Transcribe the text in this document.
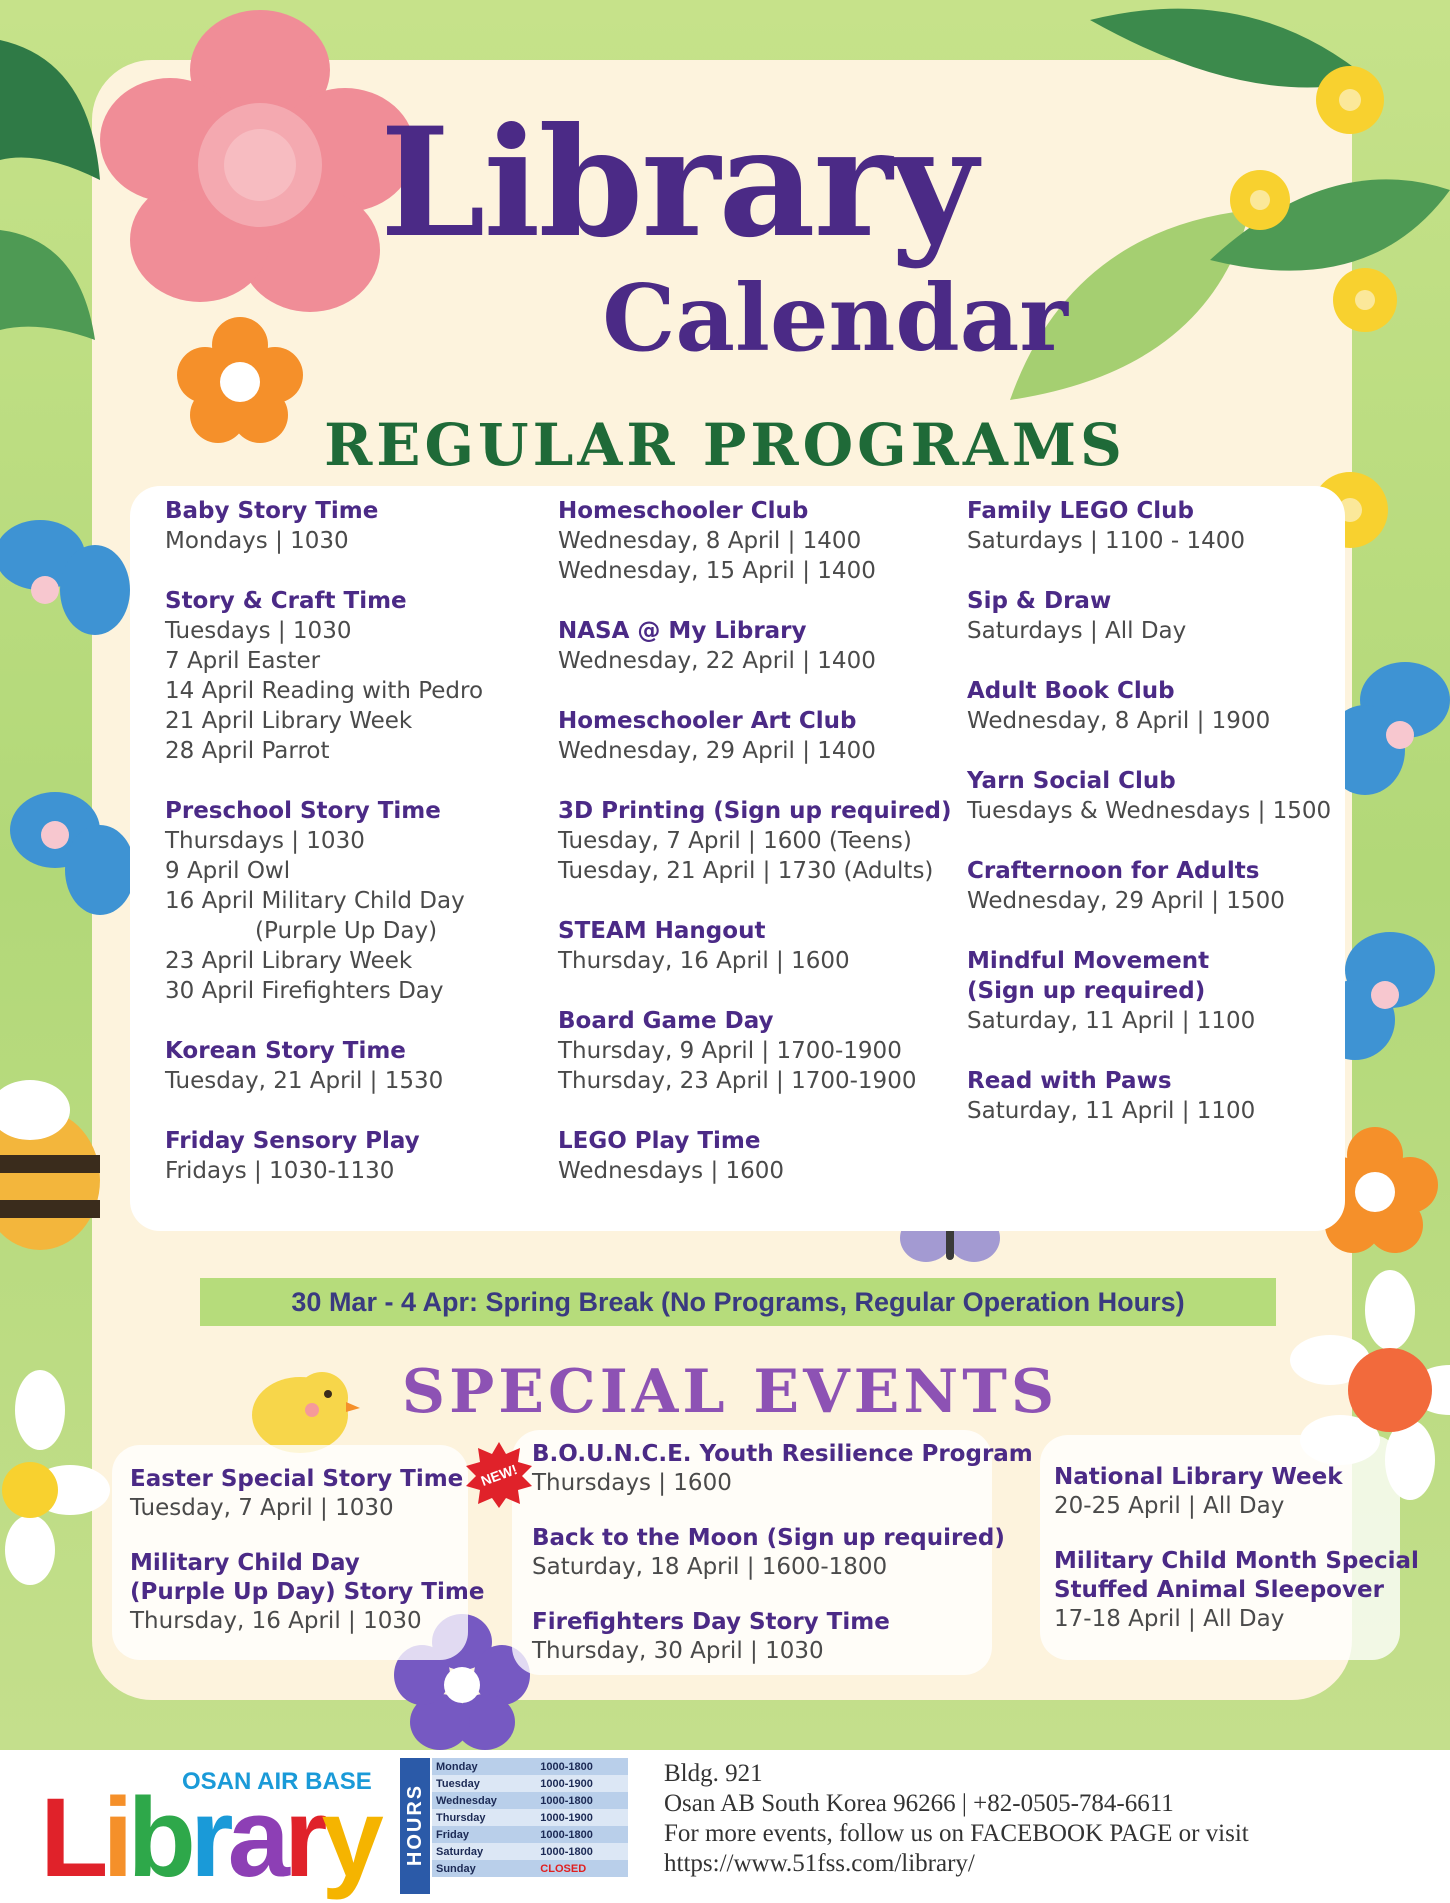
Library
Calendar
REGULAR PROGRAMS
Baby Story Time
Mondays | 1030
Story & Craft Time
Tuesdays | 1030
7 April Easter
14 April Reading with Pedro
21 April Library Week
28 April Parrot
Preschool Story Time
Thursdays | 1030
9 April Owl
16 April Military Child Day
(Purple Up Day)
23 April Library Week
30 April Firefighters Day
Korean Story Time
Tuesday, 21 April | 1530
Friday Sensory Play
Fridays | 1030-1130
Homeschooler Club
Wednesday, 8 April | 1400
Wednesday, 15 April | 1400
NASA @ My Library
Wednesday, 22 April | 1400
Homeschooler Art Club
Wednesday, 29 April | 1400
3D Printing (Sign up required)
Tuesday, 7 April | 1600 (Teens)
Tuesday, 21 April | 1730 (Adults)
STEAM Hangout
Thursday, 16 April | 1600
Board Game Day
Thursday, 9 April | 1700-1900
Thursday, 23 April | 1700-1900
LEGO Play Time
Wednesdays | 1600
Family LEGO Club
Saturdays | 1100 - 1400
Sip & Draw
Saturdays | All Day
Adult Book Club
Wednesday, 8 April | 1900
Yarn Social Club
Tuesdays & Wednesdays | 1500
Crafternoon for Adults
Wednesday, 29 April | 1500
Mindful Movement
(Sign up required)
Saturday, 11 April | 1100
Read with Paws
Saturday, 11 April | 1100
30 Mar - 4 Apr: Spring Break (No Programs, Regular Operation Hours)
SPECIAL EVENTS
Easter Special Story Time
Tuesday, 7 April | 1030
Military Child Day
(Purple Up Day) Story Time
Thursday, 16 April | 1030
B.O.U.N.C.E. Youth Resilience Program
Thursdays | 1600
Back to the Moon (Sign up required)
Saturday, 18 April | 1600-1800
Firefighters Day Story Time
Thursday, 30 April | 1030
NEW!	National Library Week
20-25 April | All Day
Military Child Month Special
Stuffed Animal Sleepover
17-18 April | All Day
OSAN AIR BASE
Library HOURS
Monday	1000-1800
Tuesday	1000-1900
Wednesday	1000-1800
Thursday	1000-1900
Friday	1000-1800
Saturday	1000-1800
Sunday	CLOSED
Bldg. 921
Osan AB South Korea 96266 | +82-0505-784-6611
For more events, follow us on FACEBOOK PAGE or visit
https://www.51fss.com/library/
